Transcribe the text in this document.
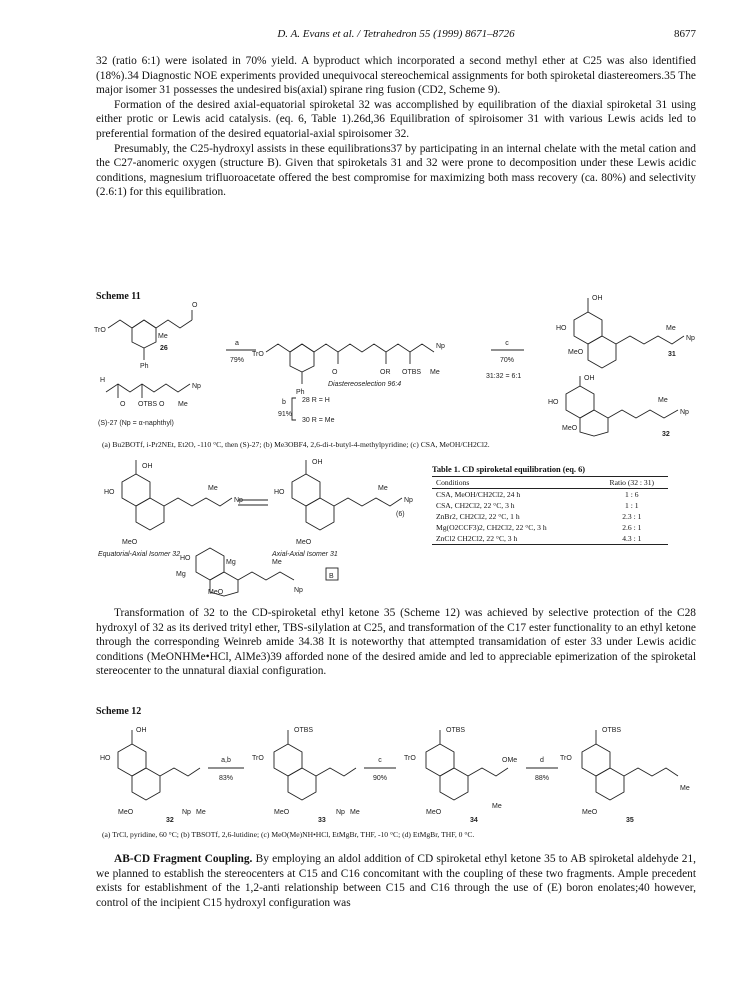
D. A. Evans et al. / Tetrahedron 55 (1999) 8671–8726	8677

32 (ratio 6:1) were isolated in 70% yield. A byproduct which incorporated a second methyl ether at C25 was also identified (18%).34 Diagnostic NOE experiments provided unequivocal stereochemical assignments for both spiroketal diastereomers.35 The major isomer 31 possesses the undesired bis(axial) spirane ring fusion (CD2, Scheme 9).

Formation of the desired axial-equatorial spiroketal 32 was accomplished by equilibration of the diaxial spiroketal 31 using either protic or Lewis acid catalysis. (eq. 6, Table 1).26d,36 Equilibration of spiroisomer 31 with various Lewis acids led to preferential formation of the desired equatorial-axial spiroisomer 32.

Presumably, the C25-hydroxyl assists in these equilibrations37 by participating in an internal chelate with the metal cation and the C27-anomeric oxygen (structure B). Given that spiroketals 31 and 32 were prone to decomposition under these Lewis acidic conditions, magnesium trifluoroacetate offered the best compromise for maximizing both mass recovery (ca. 80%) and selectivity (2.6:1) for this equilibration.

Scheme 11
TrO
O
Me
Ph
26
a
79%
TrO
Ph
O	OR OTBS Me
Np
Diastereoselection 96:4
b
91%
28 R = H
30 R = Me
c
70%
31:32 = 6:1
H
O OTBS O Me
Np
(S)-27 (Np = α-naphthyl)
OH
HO
MeO
Np
Me
31
OH
HO
MeO
Np
Me
32
(a) Bu2BOTf, i-Pr2NEt, Et2O, -110 °C, then (S)-27; (b) Me3OBF4, 2,6-di-t-butyl-4-methylpyridine; (c) CSA, MeOH/CH2Cl2.
OH
HO
MeO
Np
Me
Equatorial-Axial Isomer 32
OH
HO
MeO
Np
Me
(6)
Axial-Axial Isomer 31
HO
Mg
Mg
MeO	Np
Me
B
Table 1. CD spiroketal equilibration (eq. 6)
Conditions	Ratio (32 : 31)
CSA, MeOH/CH2Cl2, 24 h	1 : 6
CSA, CH2Cl2, 22 °C, 3 h	1 : 1
ZnBr2, CH2Cl2, 22 °C, 1 h	2.3 : 1
Mg(O2CCF3)2, CH2Cl2, 22 °C, 3 h	2.6 : 1
ZnCl2 CH2Cl2, 22 °C, 3 h	4.3 : 1
Transformation of 32 to the CD-spiroketal ethyl ketone 35 (Scheme 12) was achieved by selective protection of the C28 hydroxyl of 32 as its derived trityl ether, TBS-silylation at C25, and transformation of the C17 ester functionality to an ethyl ketone through the corresponding Weinreb amide 34.38 It is noteworthy that attempted transamidation of ester 33 under Lewis acidic conditions (MeONHMe•HCl, AlMe3)39 afforded none of the desired amide and led to appreciable epimerization of the spiroketal stereocenter to the unnatural diaxial configuration.
Scheme 12
OH
HO
MeO
32
Np Me
a,b
83%
OTBS
TrO
MeO
33
Np Me
c
90%
OTBS
TrO
MeO
OMe
34
Me
d
88%
OTBS
TrO
MeO
35
Me
(a) TrCl, pyridine, 60 °C; (b) TBSOTf, 2,6-lutidine; (c) MeO(Me)NH•HCl, EtMgBr, THF, -10 °C; (d) EtMgBr, THF, 0 °C.
AB-CD Fragment Coupling. By employing an aldol addition of CD spiroketal ethyl ketone 35 to AB spiroketal aldehyde 21, we planned to establish the stereocenters at C15 and C16 concomitant with the coupling of these two fragments. Ample precedent exists for establishment of the 1,2-anti relationship between C15 and C16 through the use of (E) boron enolates;40 however, control of the incipient C15 hydroxyl configuration was
